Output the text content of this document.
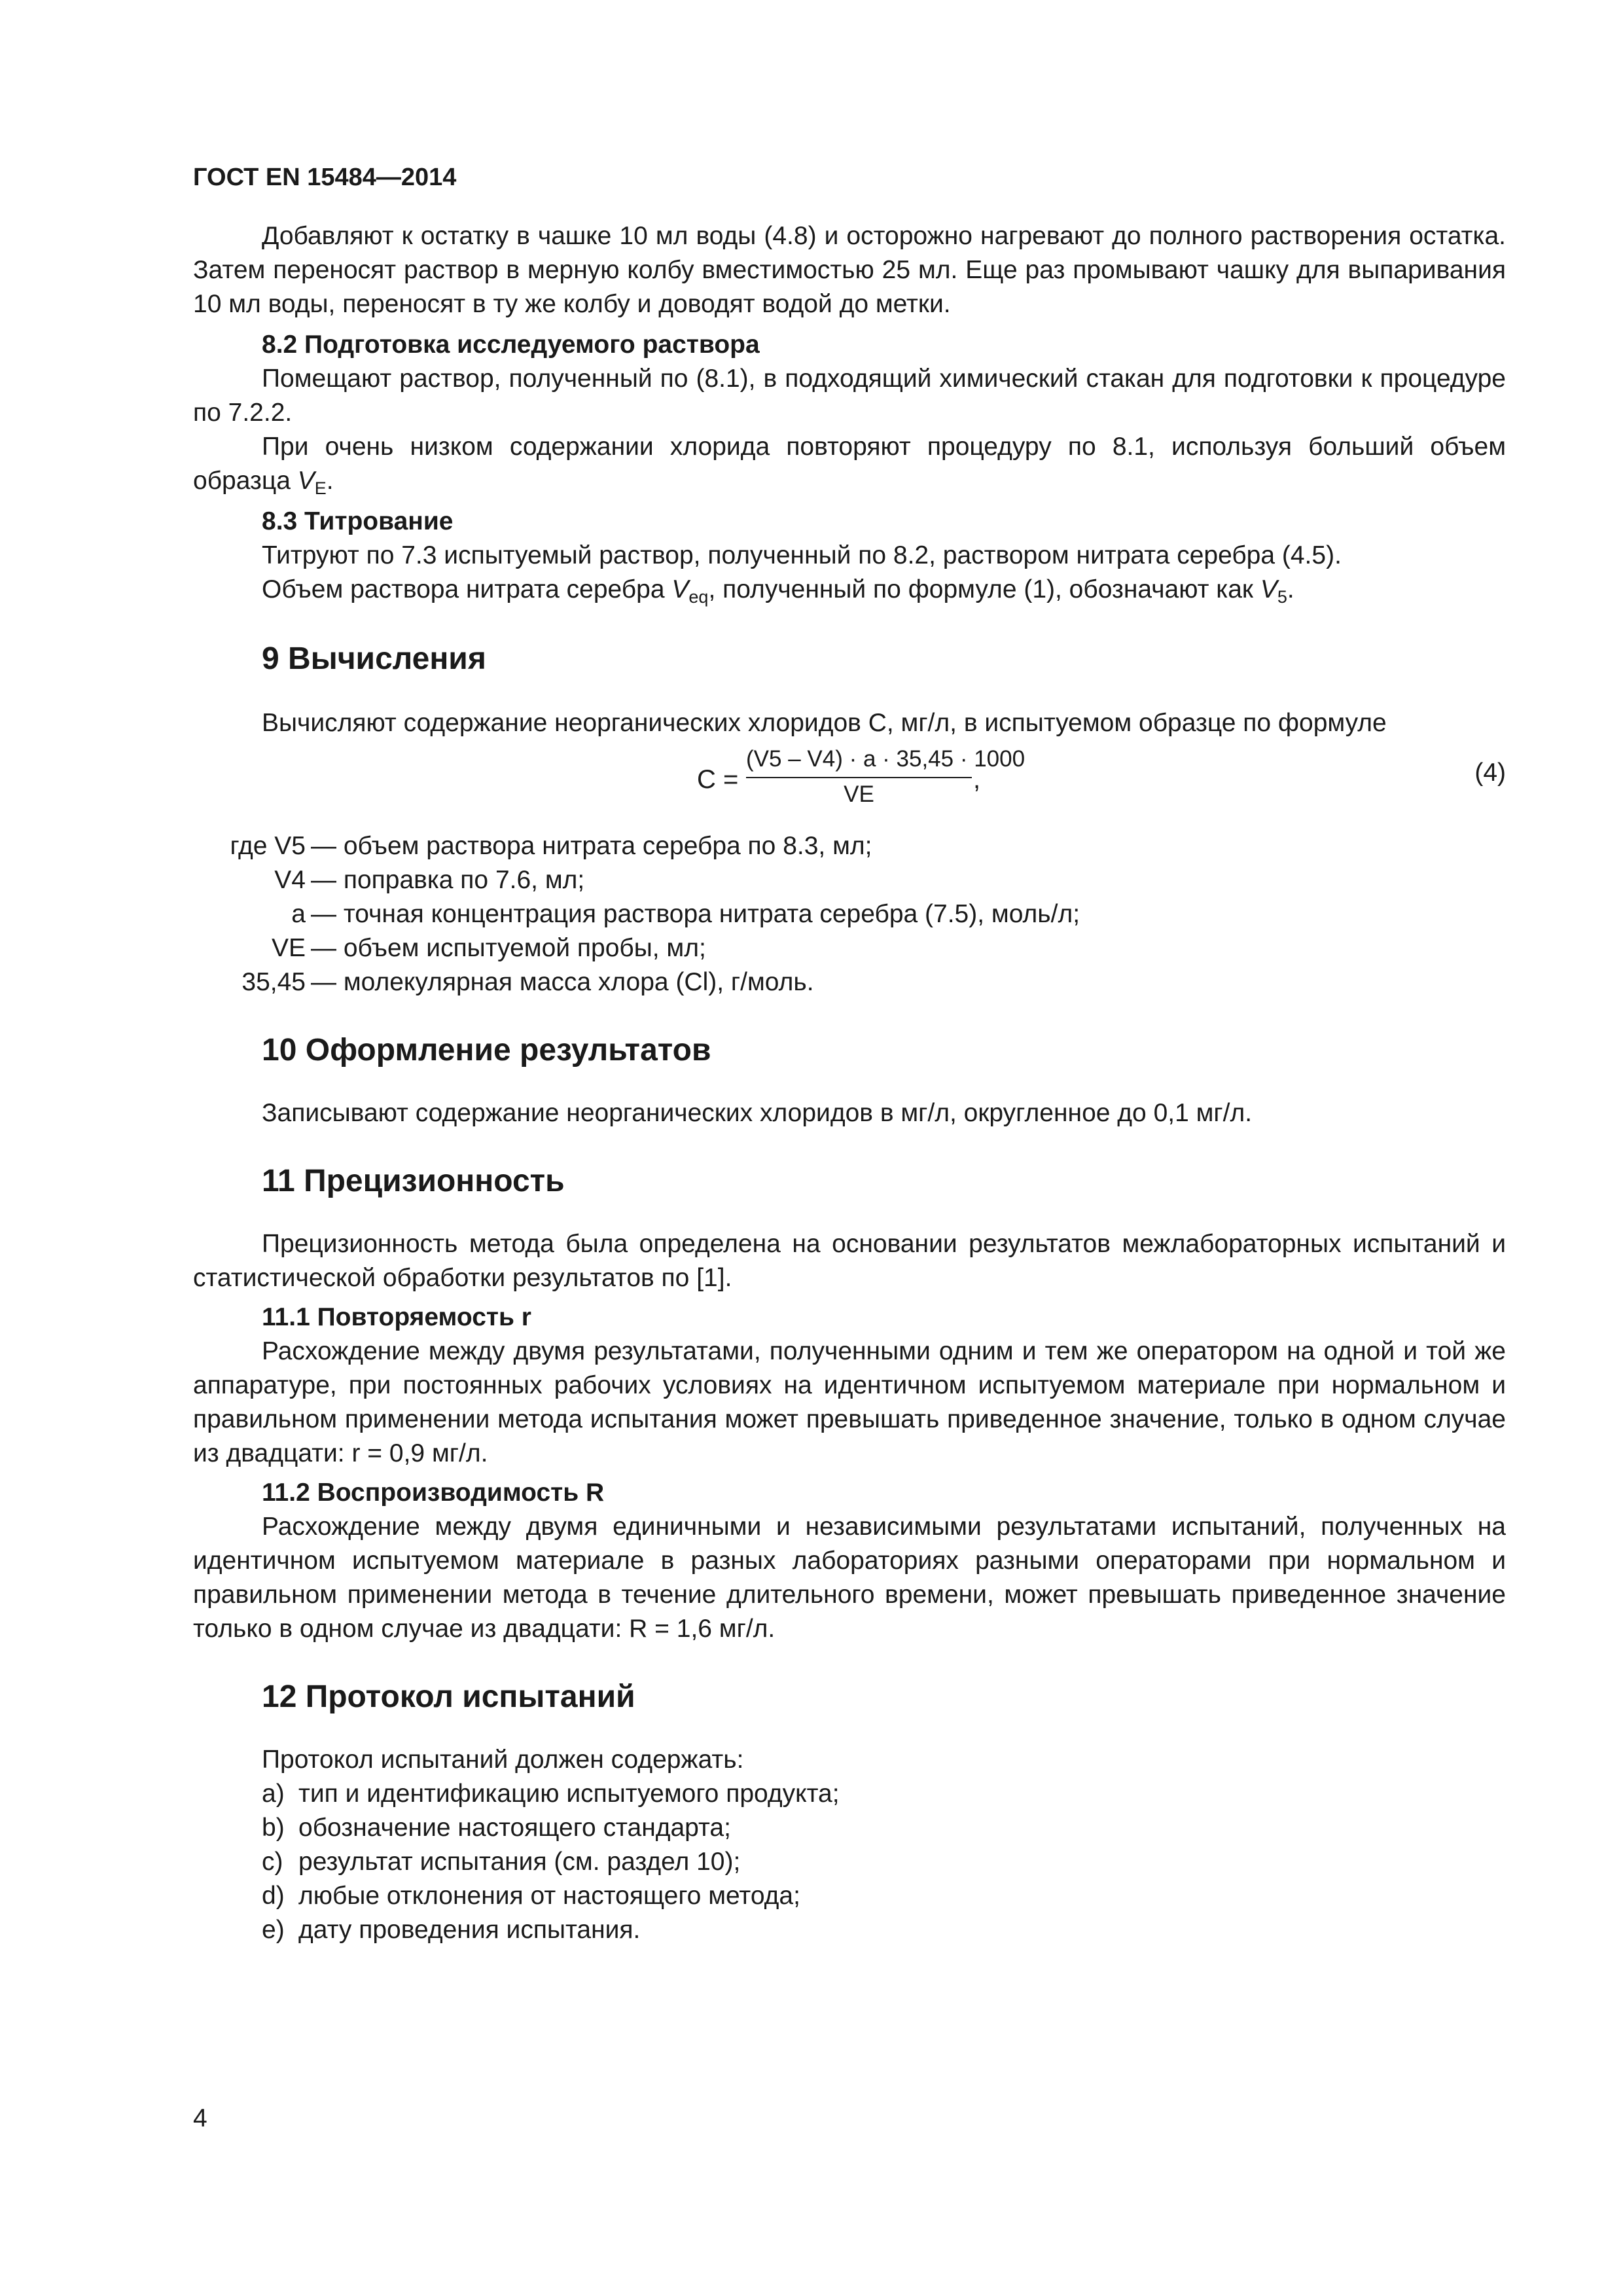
ГОСТ EN 15484—2014

Добавляют к остатку в чашке 10 мл воды (4.8) и осторожно нагревают до полного растворения остатка. Затем переносят раствор в мерную колбу вместимостью 25 мл. Еще раз промывают чашку для выпаривания 10 мл воды, переносят в ту же колбу и доводят водой до метки.

8.2 Подготовка исследуемого раствора

Помещают раствор, полученный по (8.1), в подходящий химический стакан для подготовки к процедуре по 7.2.2.

При очень низком содержании хлорида повторяют процедуру по 8.1, используя больший объем образца $V_E$.

8.3 Титрование

Титруют по 7.3 испытуемый раствор, полученный по 8.2, раствором нитрата серебра (4.5).

Объем раствора нитрата серебра $V_{eq}$, полученный по формуле (1), обозначают как $V_5$.

9 Вычисления

Вычисляют содержание неорганических хлоридов C, мг/л, в испытуемом образце по формуле

C =
(V5 – V4) · a · 35,45 · 1000
VE
,	(4)
где V5 — объем раствора нитрата серебра по 8.3, мл;
V4 — поправка по 7.6, мл;
a — точная концентрация раствора нитрата серебра (7.5), моль/л;
VE — объем испытуемой пробы, мл;
35,45 — молекулярная масса хлора (Cl), г/моль.

10 Оформление результатов

Записывают содержание неорганических хлоридов в мг/л, округленное до 0,1 мг/л.

11 Прецизионность

Прецизионность метода была определена на основании результатов межлабораторных испытаний и статистической обработки результатов по [1].

11.1 Повторяемость r

Расхождение между двумя результатами, полученными одним и тем же оператором на одной и той же аппаратуре, при постоянных рабочих условиях на идентичном испытуемом материале при нормальном и правильном применении метода испытания может превышать приведенное значение, только в одном случае из двадцати: r = 0,9 мг/л.

11.2 Воспроизводимость R

Расхождение между двумя единичными и независимыми результатами испытаний, полученных на идентичном испытуемом материале в разных лабораториях разными операторами при нормальном и правильном применении метода в течение длительного времени, может превышать приведенное значение только в одном случае из двадцати: R = 1,6 мг/л.

12 Протокол испытаний

Протокол испытаний должен содержать:

a) тип и идентификацию испытуемого продукта;
b) обозначение настоящего стандарта;
c) результат испытания (см. раздел 10);
d) любые отклонения от настоящего метода;
e) дату проведения испытания.
4
